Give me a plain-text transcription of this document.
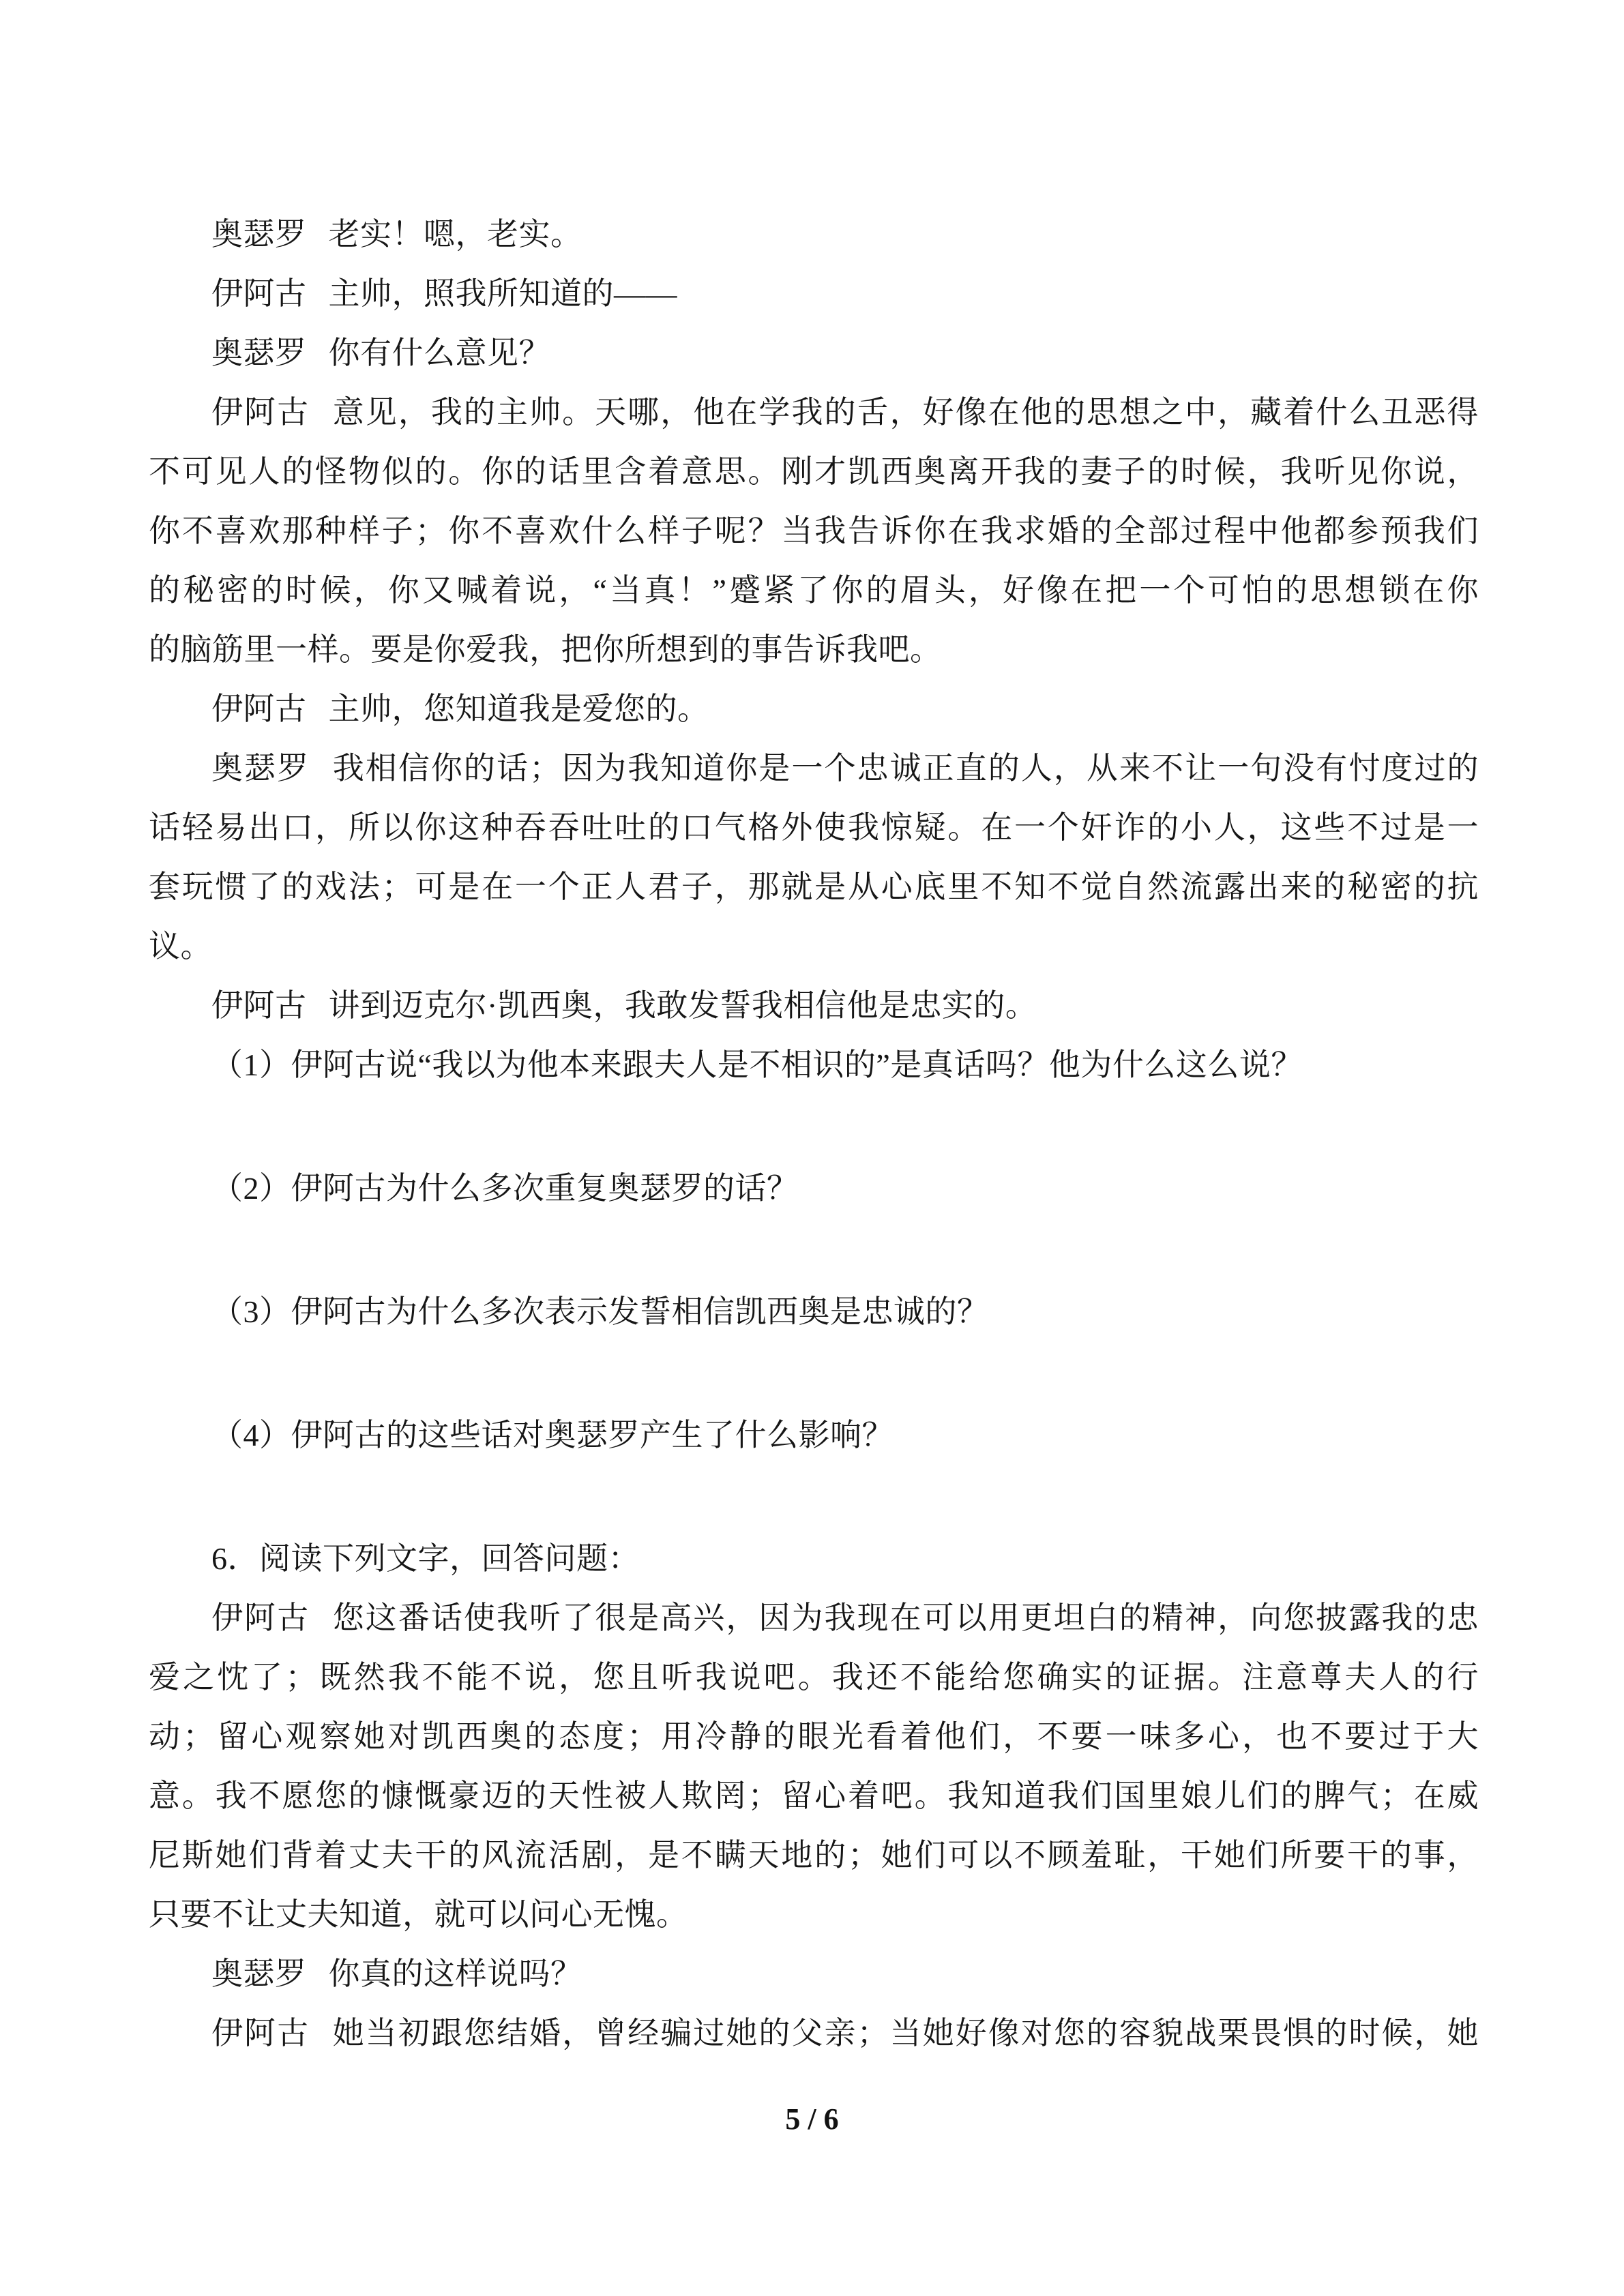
奥瑟罗 老实！嗯，老实。
伊阿古 主帅，照我所知道的——
奥瑟罗 你有什么意见？
伊阿古 意见，我的主帅。天哪，他在学我的舌，好像在他的思想之中，藏着什么丑恶得
不可见人的怪物似的。你的话里含着意思。刚才凯西奥离开我的妻子的时候，我听见你说，
你不喜欢那种样子；你不喜欢什么样子呢？当我告诉你在我求婚的全部过程中他都参预我们
的秘密的时候，你又喊着说，“当真！”蹙紧了你的眉头，好像在把一个可怕的思想锁在你
的脑筋里一样。要是你爱我，把你所想到的事告诉我吧。
伊阿古 主帅，您知道我是爱您的。
奥瑟罗 我相信你的话；因为我知道你是一个忠诚正直的人，从来不让一句没有忖度过的
话轻易出口，所以你这种吞吞吐吐的口气格外使我惊疑。在一个奸诈的小人，这些不过是一
套玩惯了的戏法；可是在一个正人君子，那就是从心底里不知不觉自然流露出来的秘密的抗
议。
伊阿古 讲到迈克尔·凯西奥，我敢发誓我相信他是忠实的。
（1）伊阿古说“我以为他本来跟夫人是不相识的”是真话吗？他为什么这么说？
（2）伊阿古为什么多次重复奥瑟罗的话？
（3）伊阿古为什么多次表示发誓相信凯西奥是忠诚的？
（4）伊阿古的这些话对奥瑟罗产生了什么影响？
6．阅读下列文字，回答问题：
伊阿古 您这番话使我听了很是高兴，因为我现在可以用更坦白的精神，向您披露我的忠
爱之忱了；既然我不能不说，您且听我说吧。我还不能给您确实的证据。注意尊夫人的行
动；留心观察她对凯西奥的态度；用冷静的眼光看着他们，不要一味多心，也不要过于大
意。我不愿您的慷慨豪迈的天性被人欺罔；留心着吧。我知道我们国里娘儿们的脾气；在威
尼斯她们背着丈夫干的风流活剧，是不瞒天地的；她们可以不顾羞耻，干她们所要干的事，
只要不让丈夫知道，就可以问心无愧。
奥瑟罗 你真的这样说吗？
伊阿古 她当初跟您结婚，曾经骗过她的父亲；当她好像对您的容貌战栗畏惧的时候，她
5 / 6
